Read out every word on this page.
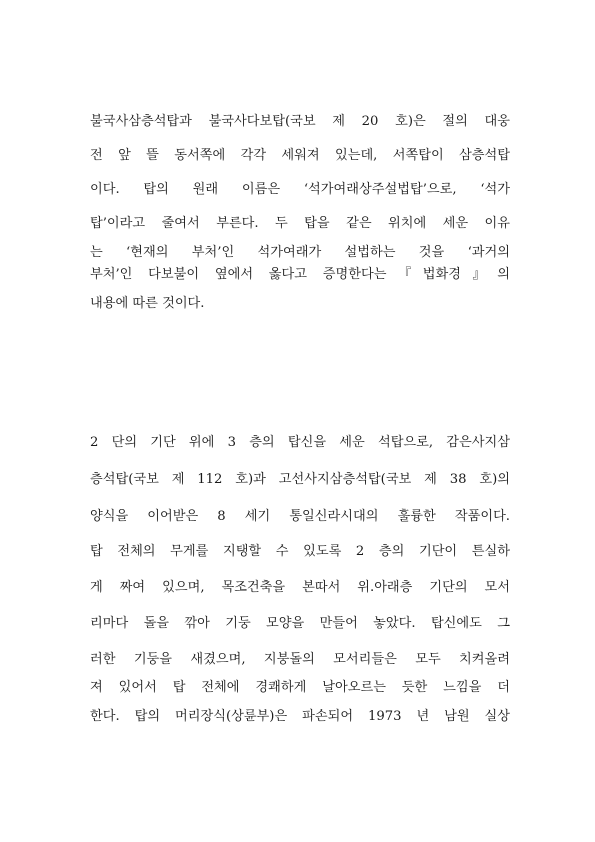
불국사삼층석탑과 불국사다보탑(국보 제 20 호)은 절의 대웅
전 앞 뜰 동서쪽에 각각 세워져 있는데, 서쪽탑이 삼층석탑
이다. 탑의 원래 이름은 ‘석가여래상주설법탑’으로, ‘석가
탑’이라고 줄여서 부른다. 두 탑을 같은 위치에 세운 이유
는 ‘현재의 부처’인 석가여래가 설법하는 것을 ‘과거의
부처’인 다보불이 옆에서 옳다고 증명한다는『법화경』의
내용에 따른 것이다.
2 단의 기단 위에 3 층의 탑신을 세운 석탑으로, 감은사지삼
층석탑(국보 제 112 호)과 고선사지삼층석탑(국보 제 38 호)의
양식을 이어받은 8 세기 통일신라시대의 훌륭한 작품이다.
탑 전체의 무게를 지탱할 수 있도록 2 층의 기단이 튼실하
게 짜여 있으며, 목조건축을 본따서 위.아래층 기단의 모서
리마다 돌을 깎아 기둥 모양을 만들어 놓았다. 탑신에도 그
러한 기둥을 새겼으며, 지붕돌의 모서리들은 모두 치켜올려
져 있어서 탑 전체에 경쾌하게 날아오르는 듯한 느낌을 더
한다. 탑의 머리장식(상륜부)은 파손되어 1973 년 남원 실상
